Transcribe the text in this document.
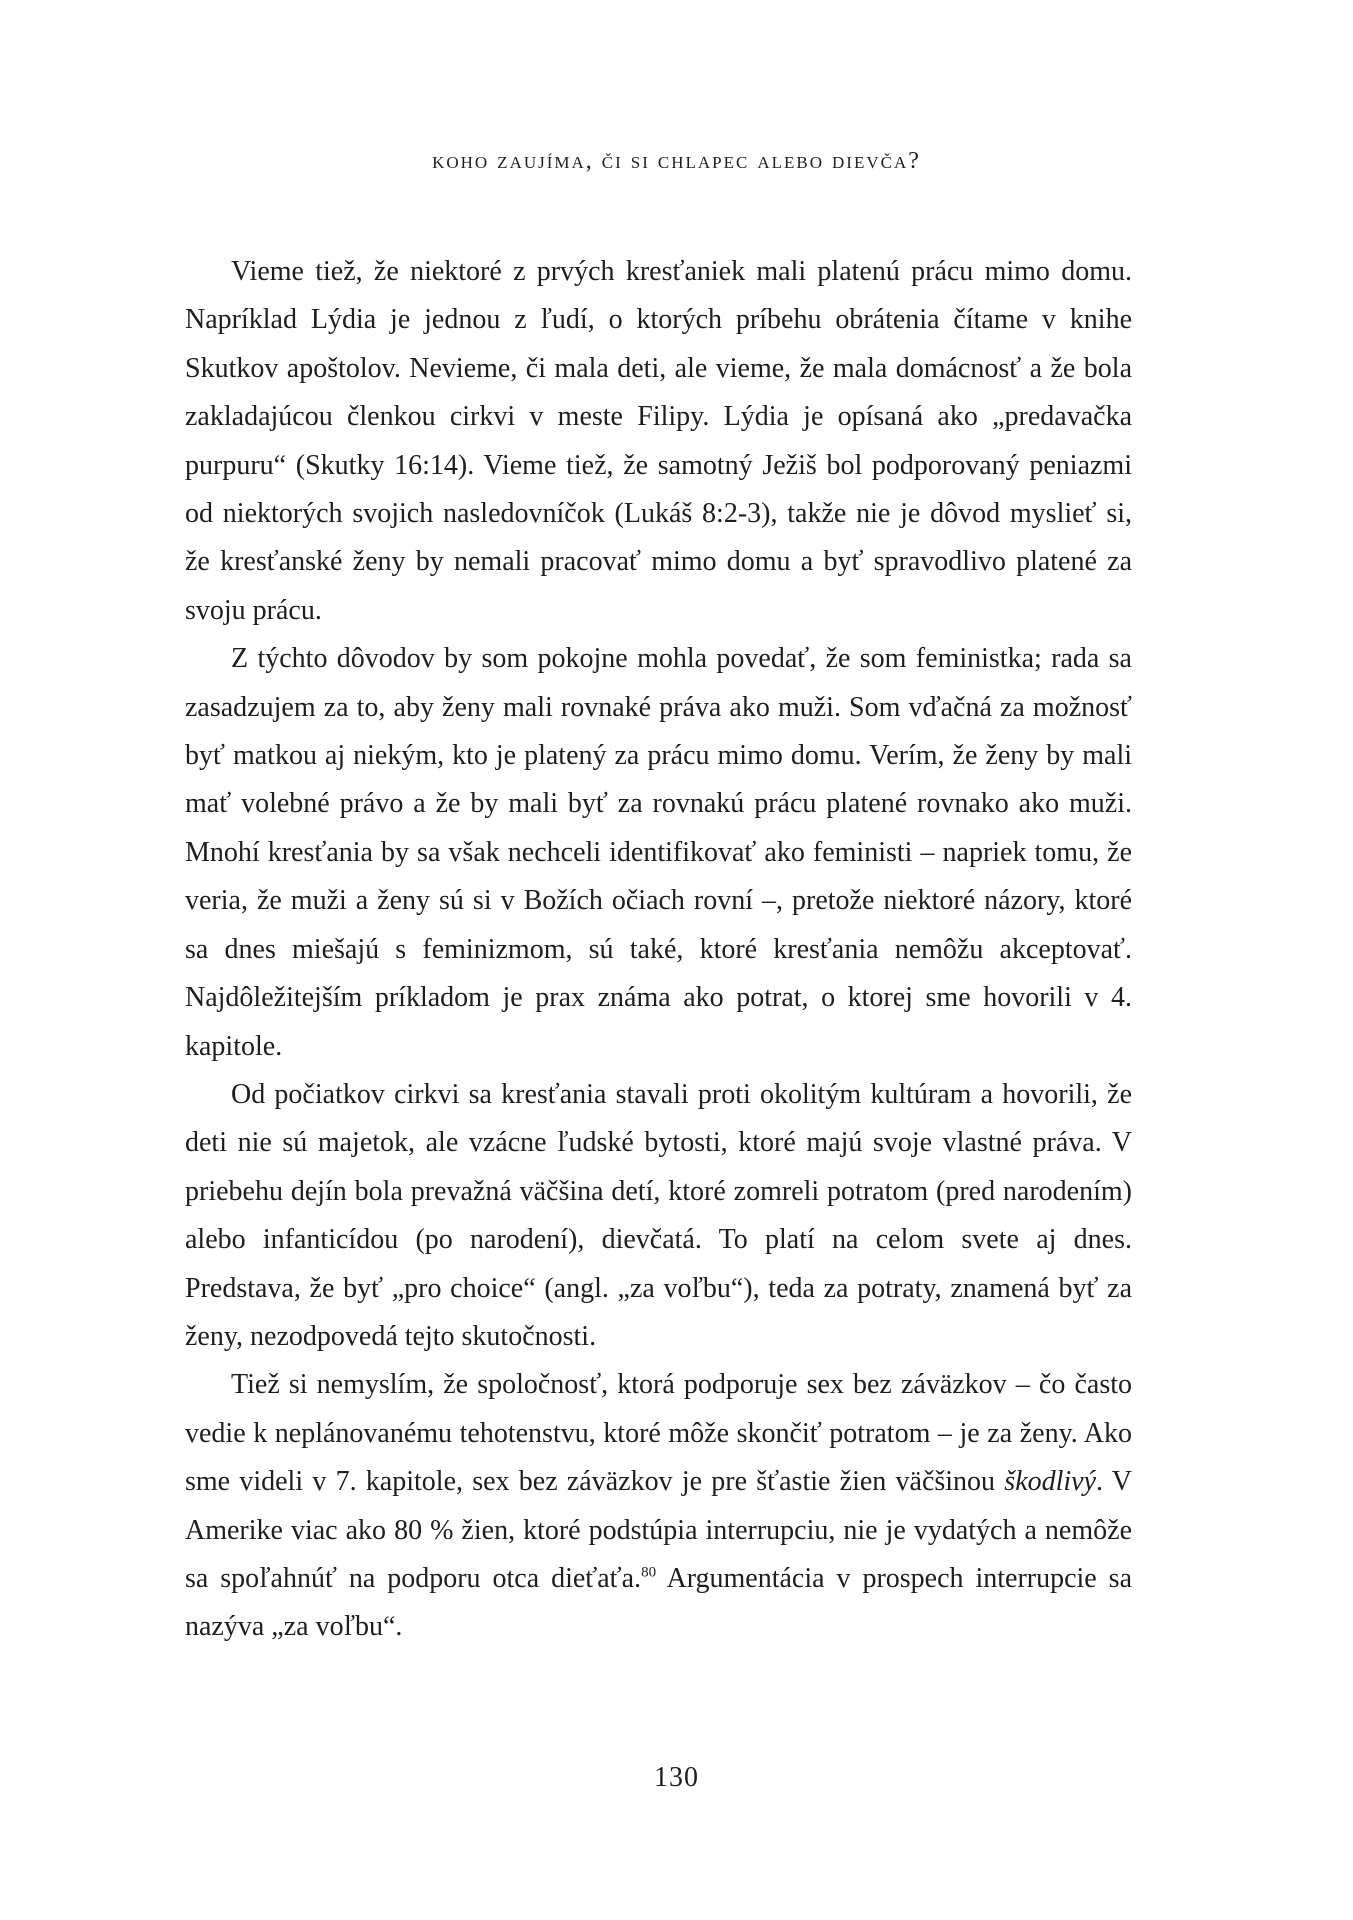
koho zaujíma, či si chlapec alebo dievča?

Vieme tiež, že niektoré z prvých kresťaniek mali platenú prácu mimo domu. Napríklad Lýdia je jednou z ľudí, o ktorých príbehu obrátenia čítame v knihe Skutkov apoštolov. Nevieme, či mala deti, ale vieme, že mala domácnosť a že bola zakladajúcou členkou cirkvi v meste Filipy. Lýdia je opísaná ako „predavačka purpuru“ (Skutky 16:14). Vieme tiež, že samotný Ježiš bol podporovaný peniazmi od niektorých svojich nasledovníčok (Lukáš 8:2-3), takže nie je dôvod myslieť si, že kresťanské ženy by nemali pracovať mimo domu a byť spravodlivo platené za svoju prácu.

Z týchto dôvodov by som pokojne mohla povedať, že som feministka; rada sa zasadzujem za to, aby ženy mali rovnaké práva ako muži. Som vďačná za možnosť byť matkou aj niekým, kto je platený za prácu mimo domu. Verím, že ženy by mali mať volebné právo a že by mali byť za rovnakú prácu platené rovnako ako muži. Mnohí kresťania by sa však nechceli identifikovať ako feministi – napriek tomu, že veria, že muži a ženy sú si v Božích očiach rovní –, pretože niektoré názory, ktoré sa dnes miešajú s feminizmom, sú také, ktoré kresťania nemôžu akceptovať. Najdôležitejším príkladom je prax známa ako potrat, o ktorej sme hovorili v 4. kapitole.

Od počiatkov cirkvi sa kresťania stavali proti okolitým kultúram a hovorili, že deti nie sú majetok, ale vzácne ľudské bytosti, ktoré majú svoje vlastné práva. V priebehu dejín bola prevažná väčšina detí, ktoré zomreli potratom (pred narodením) alebo infanticídou (po narodení), dievčatá. To platí na celom svete aj dnes. Predstava, že byť „pro choice“ (angl. „za voľbu“), teda za potraty, znamená byť za ženy, nezodpovedá tejto skutočnosti.

Tiež si nemyslím, že spoločnosť, ktorá podporuje sex bez záväzkov – čo často vedie k neplánovanému tehotenstvu, ktoré môže skončiť potratom – je za ženy. Ako sme videli v 7. kapitole, sex bez záväzkov je pre šťastie žien väčšinou škodlivý. V Amerike viac ako 80 % žien, ktoré podstúpia interrupciu, nie je vydatých a nemôže sa spoľahnúť na podporu otca dieťaťa.$^{80}$ Argumentácia v prospech interrupcie sa nazýva „za voľbu“.

130
